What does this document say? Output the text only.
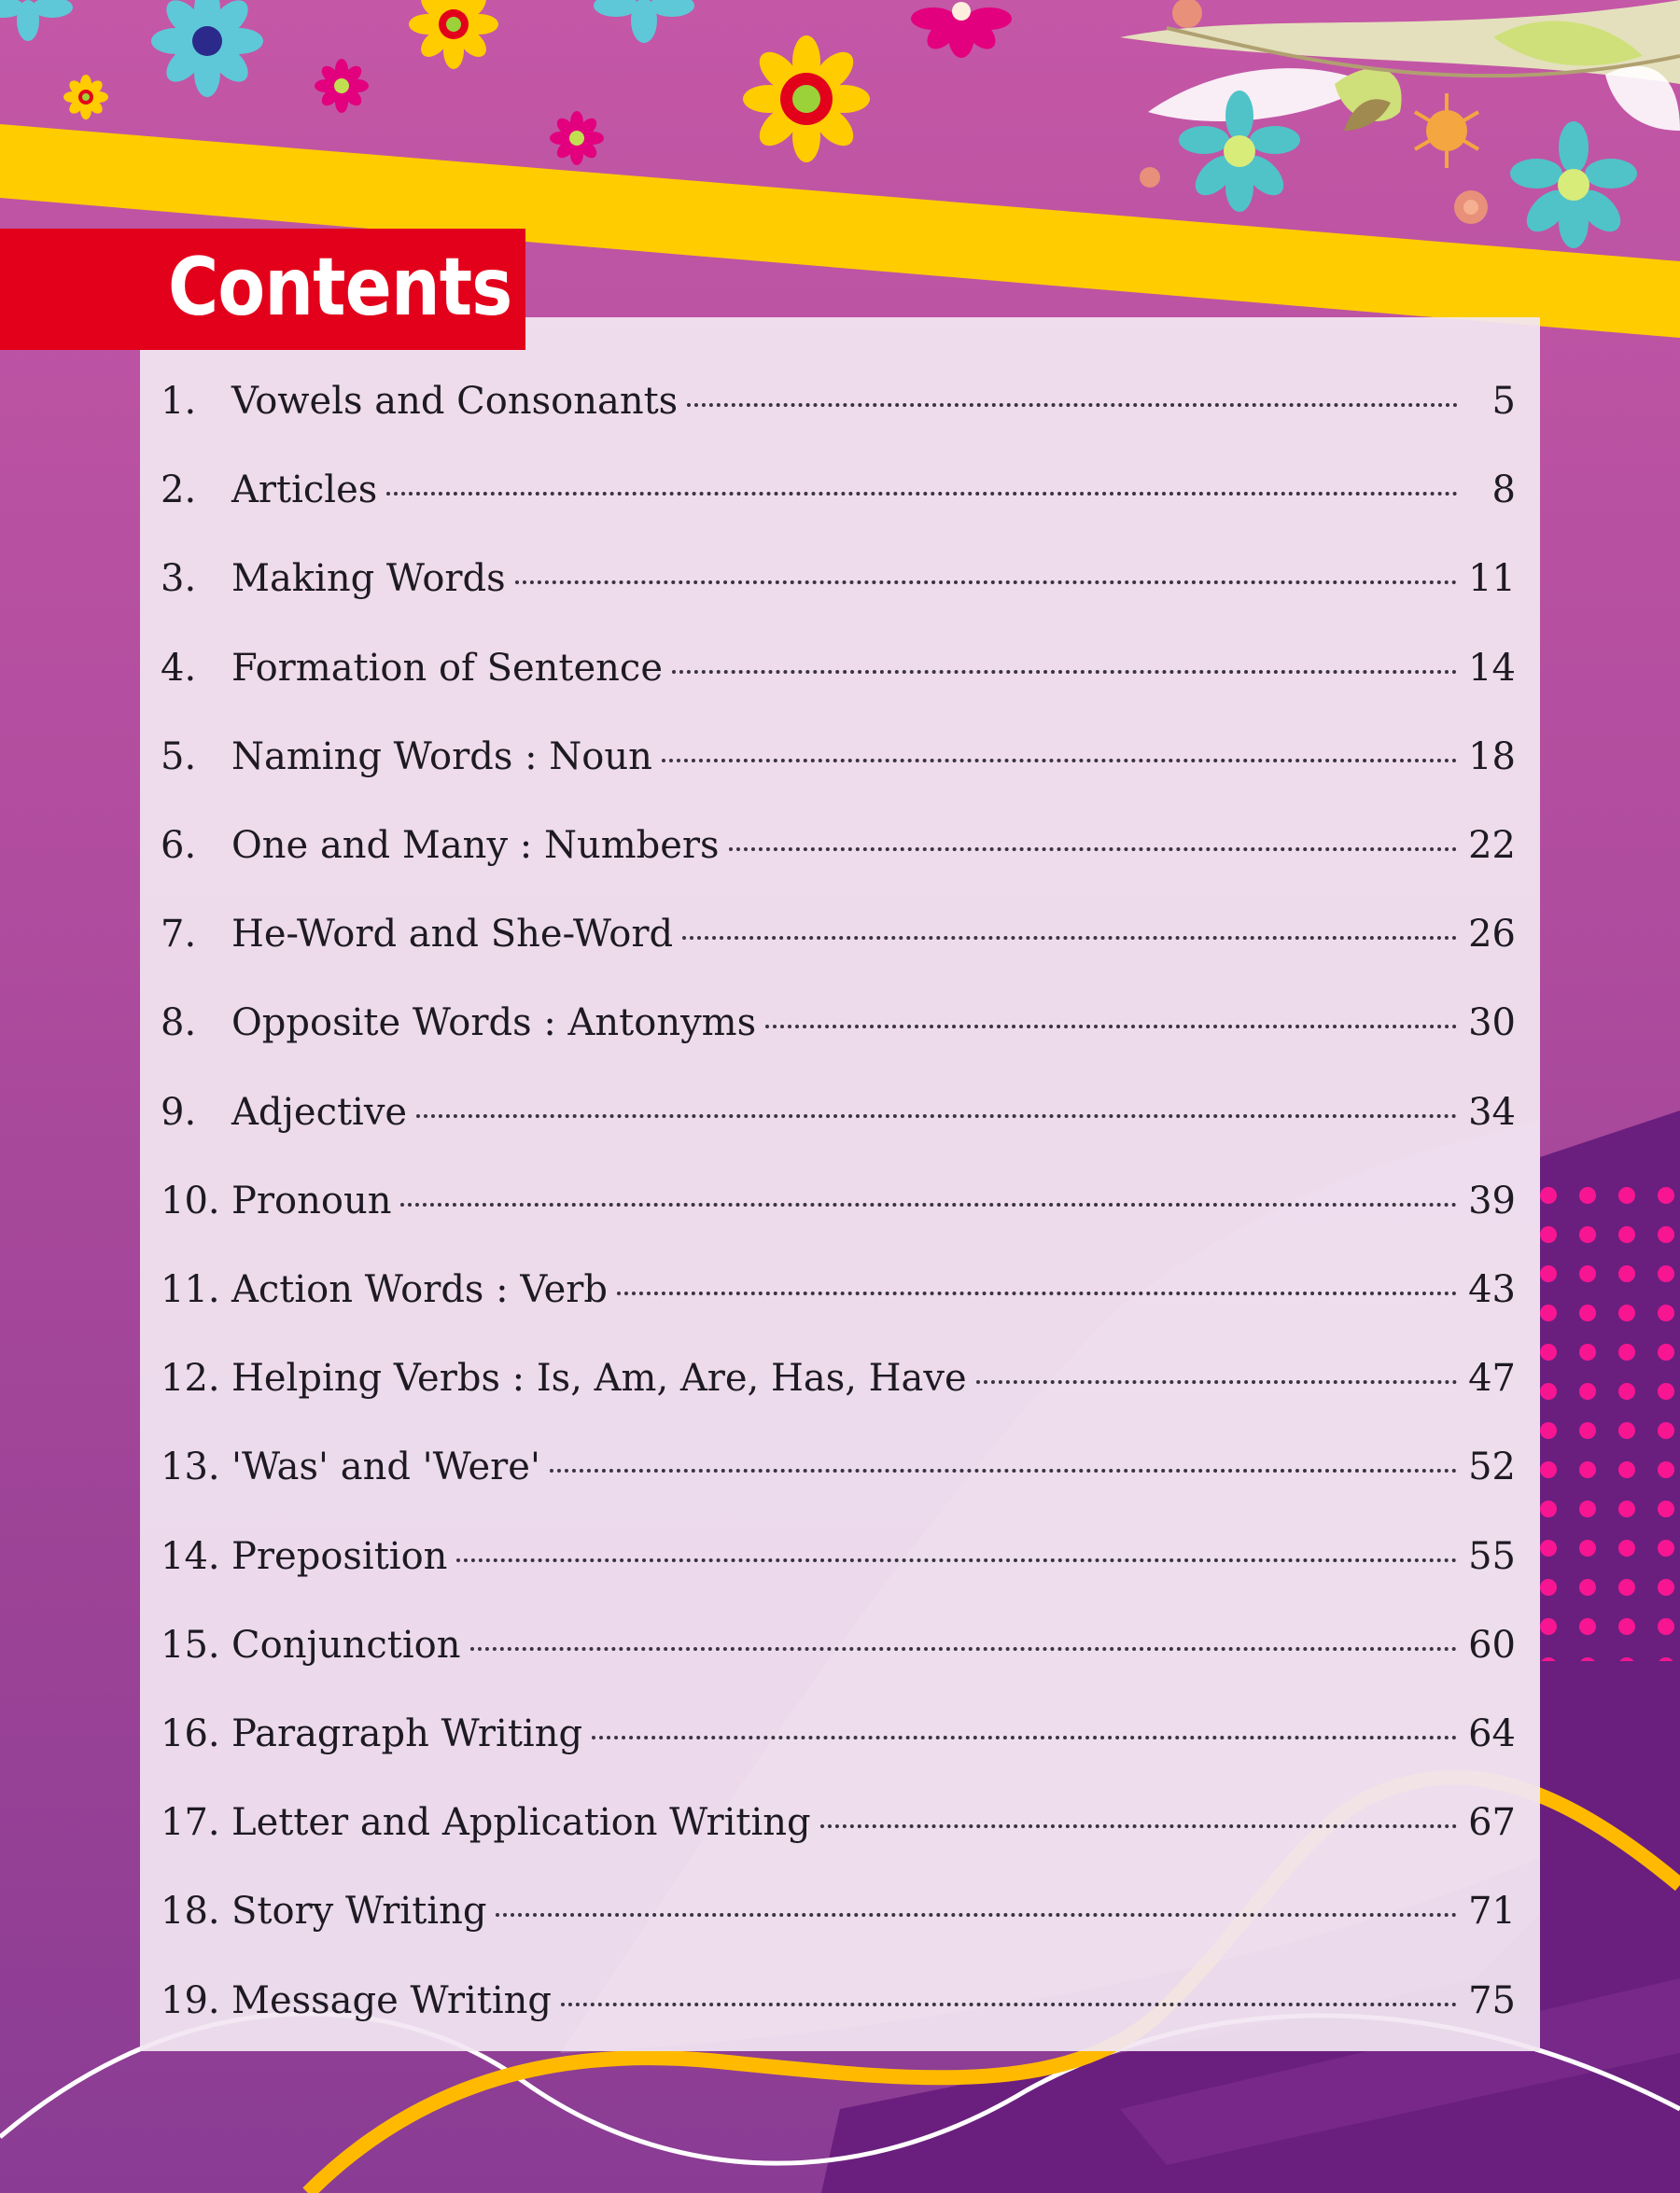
Contents
1. Vowels and Consonants	5
2. Articles	8
3. Making Words	11
4. Formation of Sentence	14
5. Naming Words : Noun	18
6. One and Many : Numbers	22
7. He-Word and She-Word	26
8. Opposite Words : Antonyms	30
9. Adjective	34
10. Pronoun	39
11. Action Words : Verb	43
12. Helping Verbs : Is, Am, Are, Has, Have	47
13. 'Was' and 'Were'	52
14. Preposition	55
15. Conjunction	60
16. Paragraph Writing	64
17. Letter and Application Writing	67
18. Story Writing	71
19. Message Writing	75
